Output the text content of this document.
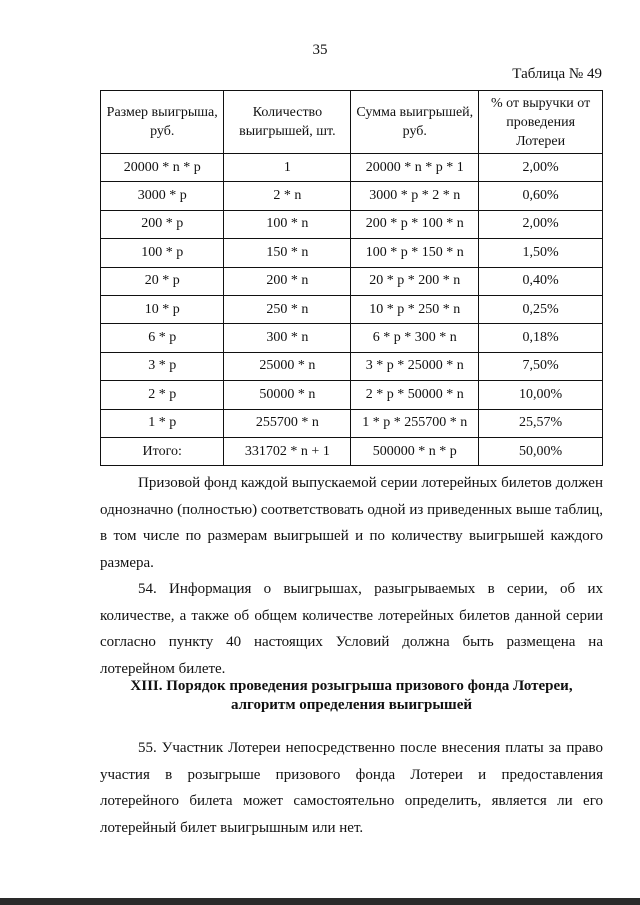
35
Таблица № 49
Размер выигрыша, руб.	Количество выигрышей, шт.	Сумма выигрышей, руб.	% от выручки от проведения Лотереи
20000 * n * p	1	20000 * n * p * 1	2,00%
3000 * p	2 * n	3000 * p * 2 * n	0,60%
200 * p	100 * n	200 * p * 100 * n	2,00%
100 * p	150 * n	100 * p * 150 * n	1,50%
20 * p	200 * n	20 * p * 200 * n	0,40%
10 * p	250 * n	10 * p * 250 * n	0,25%
6 * p	300 * n	6 * p * 300 * n	0,18%
3 * p	25000 * n	3 * p * 25000 * n	7,50%
2 * p	50000 * n	2 * p * 50000 * n	10,00%
1 * p	255700 * n	1 * p * 255700 * n	25,57%
Итого:	331702 * n + 1	500000 * n * p	50,00%

Призовой фонд каждой выпускаемой серии лотерейных билетов должен однозначно (полностью) соответствовать одной из приведенных выше таблиц, в том числе по размерам выигрышей и по количеству выигрышей каждого размера.

54. Информация о выигрышах, разыгрываемых в серии, об их количестве, а также об общем количестве лотерейных билетов данной серии согласно пункту 40 настоящих Условий должна быть размещена на лотерейном билете.

XIII. Порядок проведения розыгрыша призового фонда Лотереи,
алгоритм определения выигрышей

55. Участник Лотереи непосредственно после внесения платы за право участия в розыгрыше призового фонда Лотереи и предоставления лотерейного билета может самостоятельно определить, является ли его лотерейный билет выигрышным или нет.
